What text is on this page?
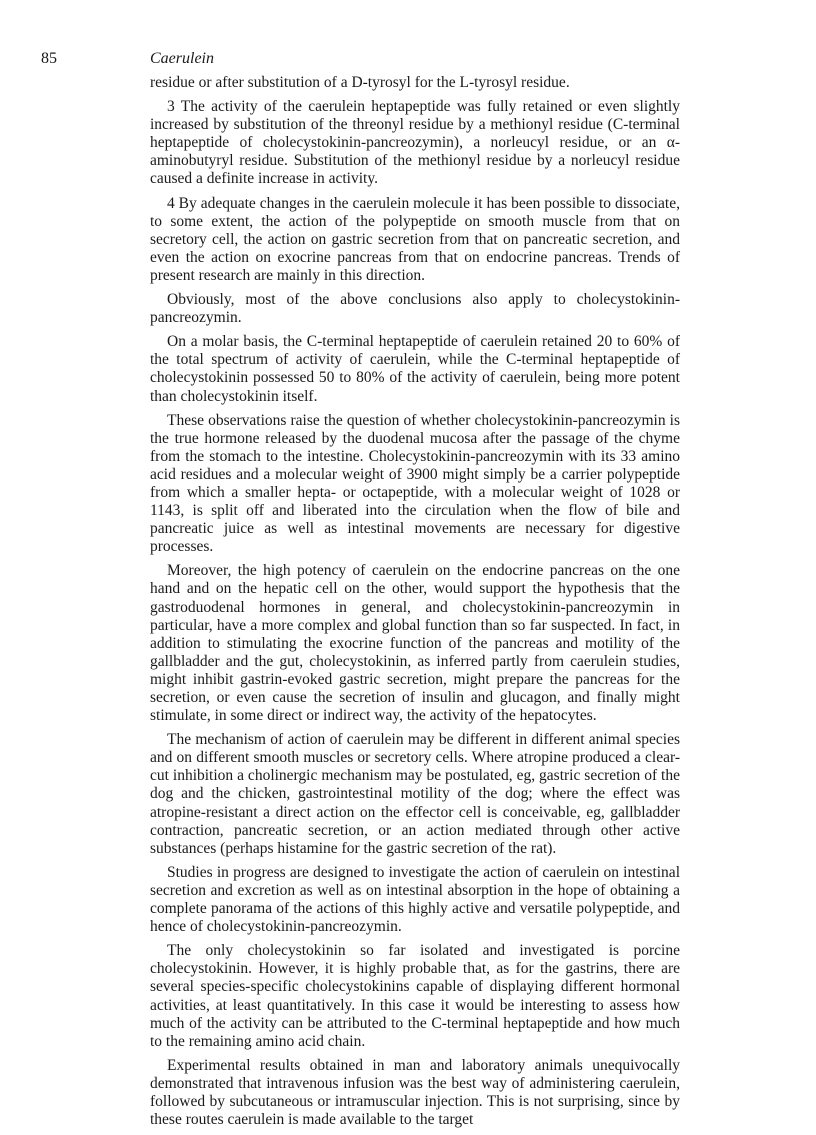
85	Caerulein

residue or after substitution of a D-tyrosyl for the L-tyrosyl residue.

3 The activity of the caerulein heptapeptide was fully retained or even slightly increased by substitution of the threonyl residue by a methionyl residue (C-terminal heptapeptide of cholecystokinin-pancreozymin), a norleucyl residue, or an α-aminobutyryl residue. Substitution of the methionyl residue by a norleucyl residue caused a definite increase in activity.

4 By adequate changes in the caerulein molecule it has been possible to dissociate, to some extent, the action of the polypeptide on smooth muscle from that on secretory cell, the action on gastric secretion from that on pancreatic secretion, and even the action on exocrine pancreas from that on endocrine pancreas. Trends of present research are mainly in this direction.

Obviously, most of the above conclusions also apply to cholecystokinin-pancreozymin.

On a molar basis, the C-terminal heptapeptide of caerulein retained 20 to 60% of the total spectrum of activity of caerulein, while the C-terminal heptapeptide of cholecystokinin possessed 50 to 80% of the activity of caerulein, being more potent than cholecystokinin itself.

These observations raise the question of whether cholecystokinin-pancreozymin is the true hormone released by the duodenal mucosa after the passage of the chyme from the stomach to the intestine. Cholecystokinin-pancreozymin with its 33 amino acid residues and a molecular weight of 3900 might simply be a carrier polypeptide from which a smaller hepta- or octapeptide, with a molecular weight of 1028 or 1143, is split off and liberated into the circulation when the flow of bile and pancreatic juice as well as intestinal movements are necessary for digestive processes.

Moreover, the high potency of caerulein on the endocrine pancreas on the one hand and on the hepatic cell on the other, would support the hypothesis that the gastroduodenal hormones in general, and cholecystokinin-pancreozymin in particular, have a more complex and global function than so far suspected. In fact, in addition to stimulating the exocrine function of the pancreas and motility of the gallbladder and the gut, cholecystokinin, as inferred partly from caerulein studies, might inhibit gastrin-evoked gastric secretion, might prepare the pancreas for the secretion, or even cause the secretion of insulin and glucagon, and finally might stimulate, in some direct or indirect way, the activity of the hepatocytes.

The mechanism of action of caerulein may be different in different animal species and on different smooth muscles or secretory cells. Where atropine produced a clear-cut inhibition a cholinergic mechanism may be postulated, eg, gastric secretion of the dog and the chicken, gastrointestinal motility of the dog; where the effect was atropine-resistant a direct action on the effector cell is conceivable, eg, gallbladder contraction, pancreatic secretion, or an action mediated through other active substances (perhaps histamine for the gastric secretion of the rat).

Studies in progress are designed to investigate the action of caerulein on intestinal secretion and excretion as well as on intestinal absorption in the hope of obtaining a complete panorama of the actions of this highly active and versatile polypeptide, and hence of cholecystokinin-pancreozymin.

The only cholecystokinin so far isolated and investigated is porcine cholecystokinin. However, it is highly probable that, as for the gastrins, there are several species-specific cholecystokinins capable of displaying different hormonal activities, at least quantitatively. In this case it would be interesting to assess how much of the activity can be attributed to the C-terminal heptapeptide and how much to the remaining amino acid chain.

Experimental results obtained in man and laboratory animals unequivocally demonstrated that intravenous infusion was the best way of administering caerulein, followed by subcutaneous or intramuscular injection. This is not surprising, since by these routes caerulein is made available to the target
